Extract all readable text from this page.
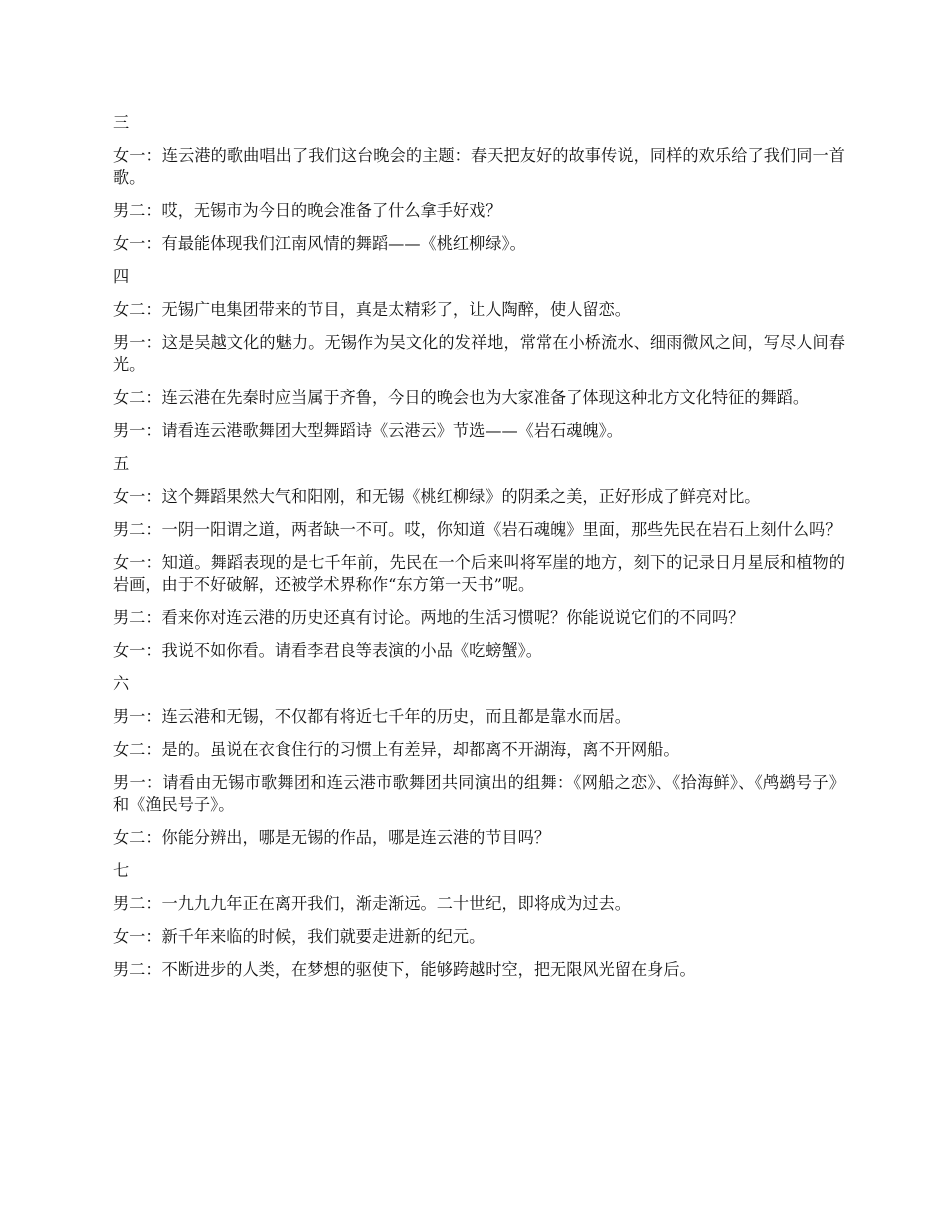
三

女一：连云港的歌曲唱出了我们这台晚会的主题：春天把友好的故事传说，同样的欢乐给了我们同一首歌。

男二：哎，无锡市为今日的晚会准备了什么拿手好戏？

女一：有最能体现我们江南风情的舞蹈——《桃红柳绿》。

四

女二：无锡广电集团带来的节目，真是太精彩了，让人陶醉，使人留恋。

男一：这是吴越文化的魅力。无锡作为吴文化的发祥地，常常在小桥流水、细雨微风之间，写尽人间春光。

女二：连云港在先秦时应当属于齐鲁，今日的晚会也为大家准备了体现这种北方文化特征的舞蹈。

男一：请看连云港歌舞团大型舞蹈诗《云港云》节选——《岩石魂魄》。

五

女一：这个舞蹈果然大气和阳刚，和无锡《桃红柳绿》的阴柔之美，正好形成了鲜亮对比。

男二：一阴一阳谓之道，两者缺一不可。哎，你知道《岩石魂魄》里面，那些先民在岩石上刻什么吗？

女一：知道。舞蹈表现的是七千年前，先民在一个后来叫将军崖的地方，刻下的记录日月星辰和植物的岩画，由于不好破解，还被学术界称作“东方第一天书”呢。

男二：看来你对连云港的历史还真有讨论。两地的生活习惯呢？你能说说它们的不同吗？

女一：我说不如你看。请看李君良等表演的小品《吃螃蟹》。

六

男一：连云港和无锡，不仅都有将近七千年的历史，而且都是靠水而居。

女二：是的。虽说在衣食住行的习惯上有差异，却都离不开湖海，离不开网船。

男一：请看由无锡市歌舞团和连云港市歌舞团共同演出的组舞：《网船之恋》、《拾海鲜》、《鸬鹚号子》和《渔民号子》。

女二：你能分辨出，哪是无锡的作品，哪是连云港的节目吗？

七

男二：一九九九年正在离开我们，渐走渐远。二十世纪，即将成为过去。

女一：新千年来临的时候，我们就要走进新的纪元。

男二：不断进步的人类，在梦想的驱使下，能够跨越时空，把无限风光留在身后。
